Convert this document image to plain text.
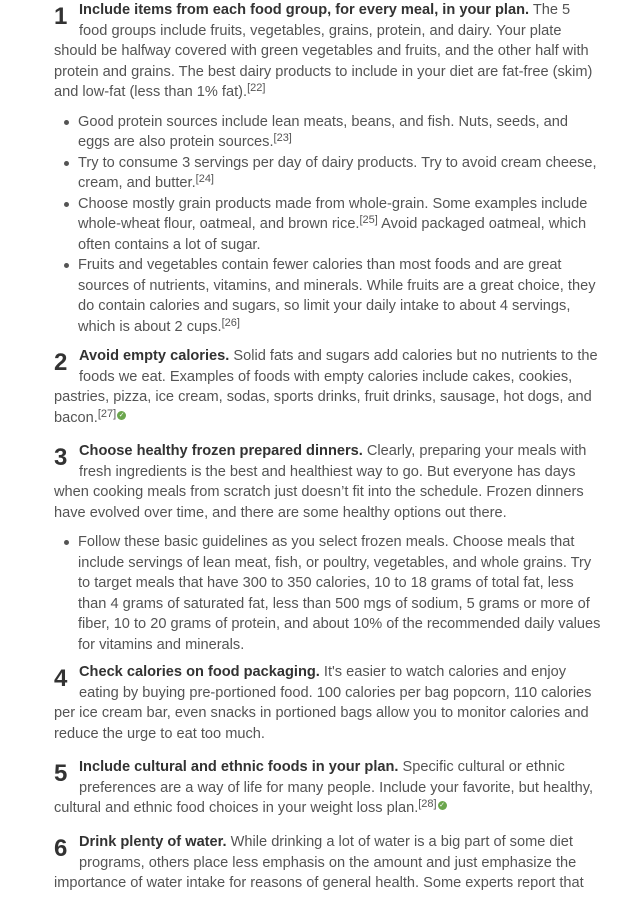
1 Include items from each food group, for every meal, in your plan. The 5 food groups include fruits, vegetables, grains, protein, and dairy. Your plate should be halfway covered with green vegetables and fruits, and the other half with protein and grains. The best dairy products to include in your diet are fat-free (skim) and low-fat (less than 1% fat).[22]

Good protein sources include lean meats, beans, and fish. Nuts, seeds, and eggs are also protein sources.[23]
Try to consume 3 servings per day of dairy products. Try to avoid cream cheese, cream, and butter.[24]
Choose mostly grain products made from whole-grain. Some examples include whole-wheat flour, oatmeal, and brown rice.[25] Avoid packaged oatmeal, which often contains a lot of sugar.
Fruits and vegetables contain fewer calories than most foods and are great sources of nutrients, vitamins, and minerals. While fruits are a great choice, they do contain calories and sugars, so limit your daily intake to about 4 servings, which is about 2 cups.[26]
2 Avoid empty calories. Solid fats and sugars add calories but no nutrients to the foods we eat. Examples of foods with empty calories include cakes, cookies, pastries, pizza, ice cream, sodas, sports drinks, fruit drinks, sausage, hot dogs, and bacon.[27] ✓

3 Choose healthy frozen prepared dinners. Clearly, preparing your meals with fresh ingredients is the best and healthiest way to go. But everyone has days when cooking meals from scratch just doesn’t fit into the schedule. Frozen dinners have evolved over time, and there are some healthy options out there.

Follow these basic guidelines as you select frozen meals. Choose meals that include servings of lean meat, fish, or poultry, vegetables, and whole grains. Try to target meals that have 300 to 350 calories, 10 to 18 grams of total fat, less than 4 grams of saturated fat, less than 500 mgs of sodium, 5 grams or more of fiber, 10 to 20 grams of protein, and about 10% of the recommended daily values for vitamins and minerals.
4 Check calories on food packaging. It's easier to watch calories and enjoy eating by buying pre-portioned food. 100 calories per bag popcorn, 110 calories per ice cream bar, even snacks in portioned bags allow you to monitor calories and reduce the urge to eat too much.

5 Include cultural and ethnic foods in your plan. Specific cultural or ethnic preferences are a way of life for many people. Include your favorite, but healthy, cultural and ethnic food choices in your weight loss plan.[28] ✓

6 Drink plenty of water. While drinking a lot of water is a big part of some diet programs, others place less emphasis on the amount and just emphasize the importance of water intake for reasons of general health. Some experts report that
